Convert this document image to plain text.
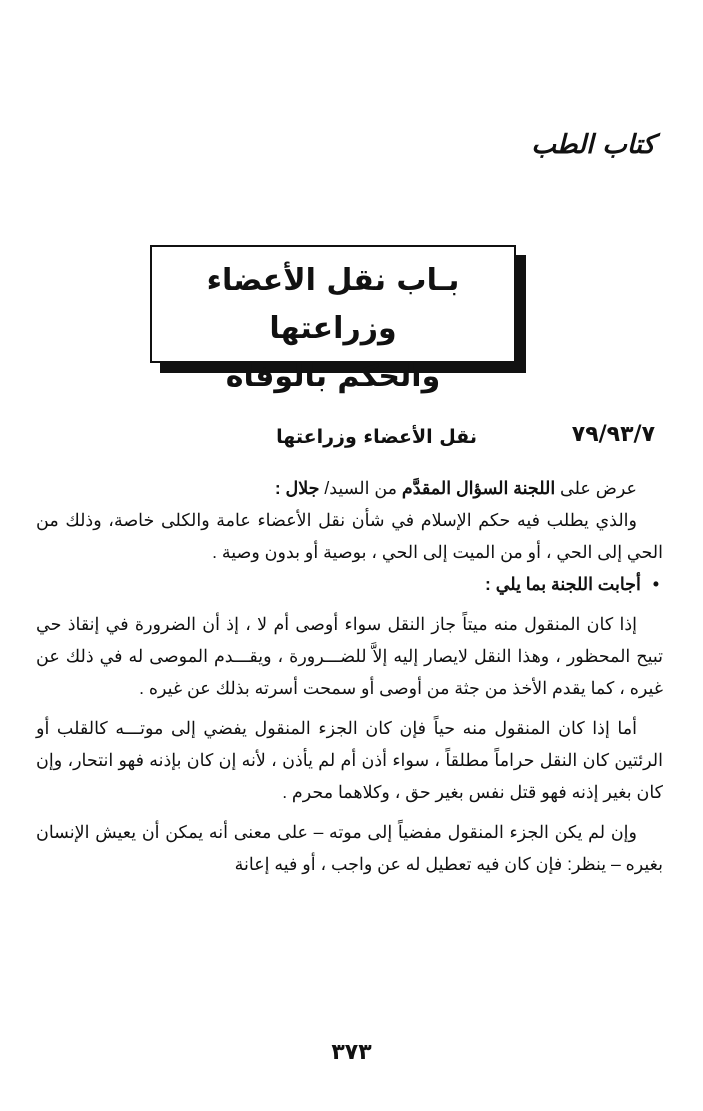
كتاب الطب
بـاب نقل الأعضاء وزراعتها
والحكم بالوفاة
٧٩/٩٣/٧
نقل الأعضاء وزراعتها

عرض على اللجنة السؤال المقدَّم من السيد/ جلال :

والذي يطلب فيه حكم الإسلام في شأن نقل الأعضاء عامة والكلى خاصة، وذلك من الحي إلى الحي ، أو من الميت إلى الحي ، بوصية أو بدون وصية .

•أجابت اللجنة بما يلي :

إذا كان المنقول منه ميتاً جاز النقل سواء أوصى أم لا ، إذ أن الضرورة في إنقاذ حي تبيح المحظور ، وهذا النقل لايصار إليه إلاَّ للضـــرورة ، ويقـــدم الموصى له في ذلك عن غيره ، كما يقدم الأخذ من جثة من أوصى أو سمحت أسرته بذلك عن غيره .

أما إذا كان المنقول منه حياً فإن كان الجزء المنقول يفضي إلى موتـــه كالقلب أو الرئتين كان النقل حراماً مطلقاً ، سواء أذن أم لم يأذن ، لأنه إن كان بإذنه فهو انتحار، وإن كان بغير إذنه فهو قتل نفس بغير حق ، وكلاهما محرم .

وإن لم يكن الجزء المنقول مفضياً إلى موته – على معنى أنه يمكن أن يعيش الإنسان بغيره – ينظر: فإن كان فيه تعطيل له عن واجب ، أو فيه إعانة

٣٧٣
